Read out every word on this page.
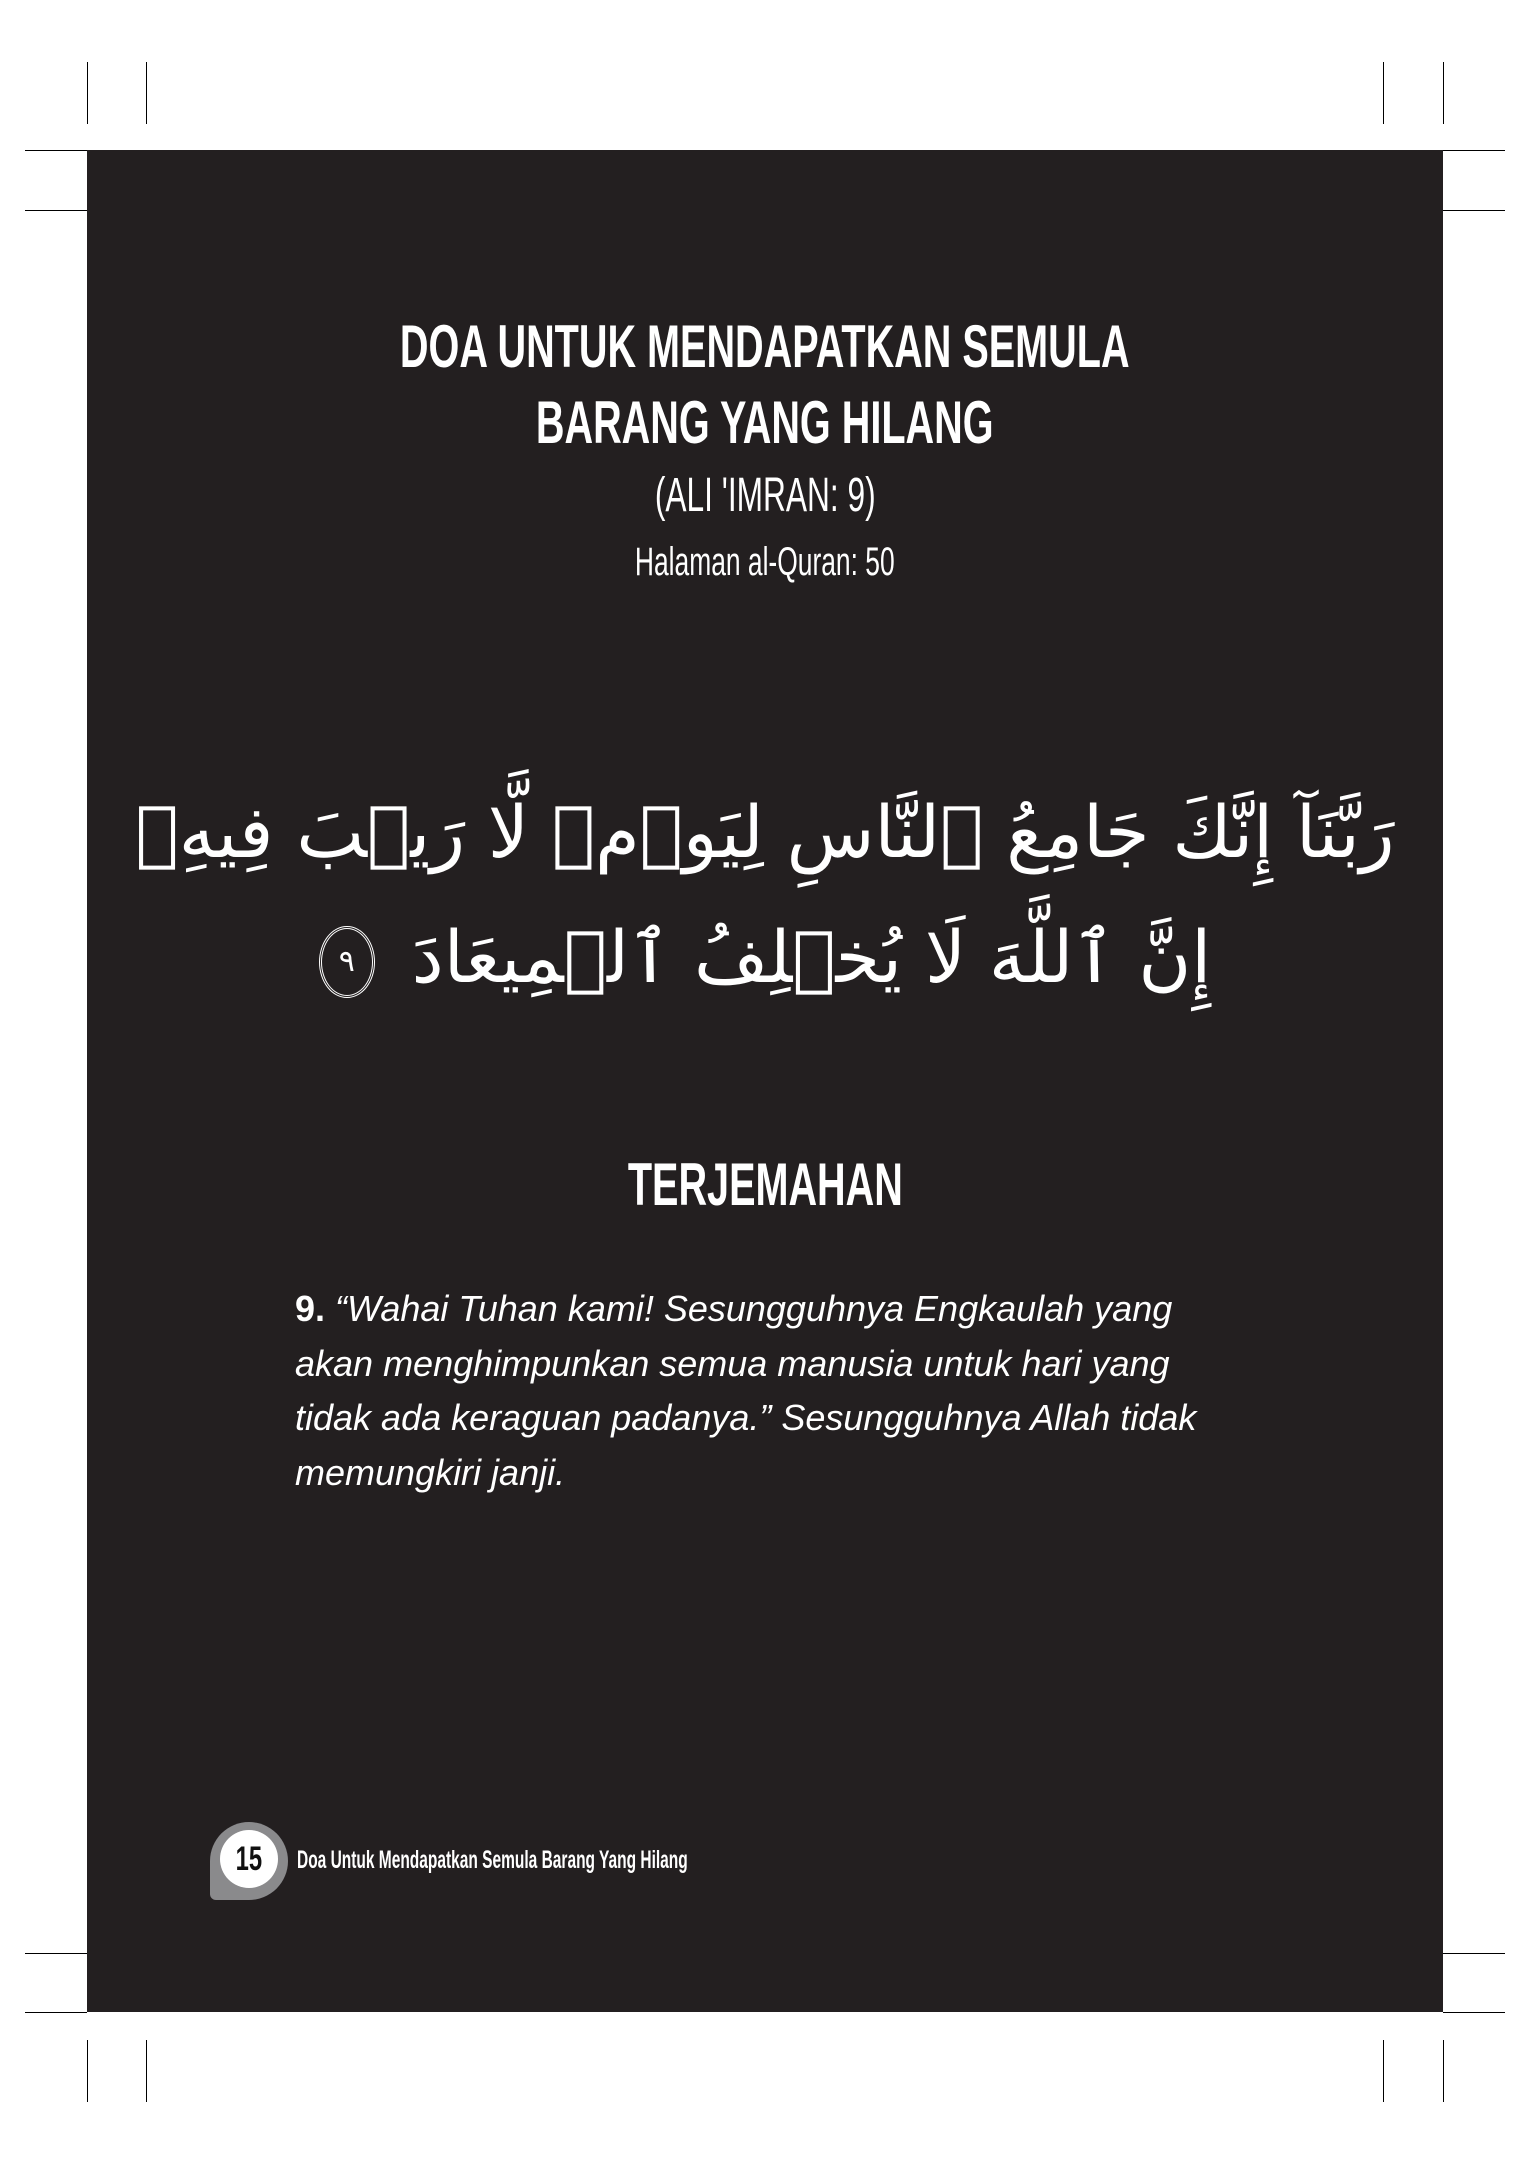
DOA UNTUK MENDAPATKAN SEMULA
BARANG YANG HILANG
(ALI 'IMRAN: 9)
Halaman al-Quran: 50
رَبَّنَآ إِنَّكَ جَامِعُ ٱلنَّاسِ لِيَوۡمٖ لَّا رَيۡبَ فِيهِۚ
إِنَّ ٱللَّهَ لَا يُخۡلِفُ ٱلۡمِيعَادَ ٩
TERJEMAHAN
9. “Wahai Tuhan kami! Sesungguhnya Engkaulah yang akan menghimpunkan semua manusia untuk hari yang tidak ada keraguan padanya.” Sesungguhnya Allah tidak memungkiri janji.
15	Doa Untuk Mendapatkan Semula Barang Yang Hilang
